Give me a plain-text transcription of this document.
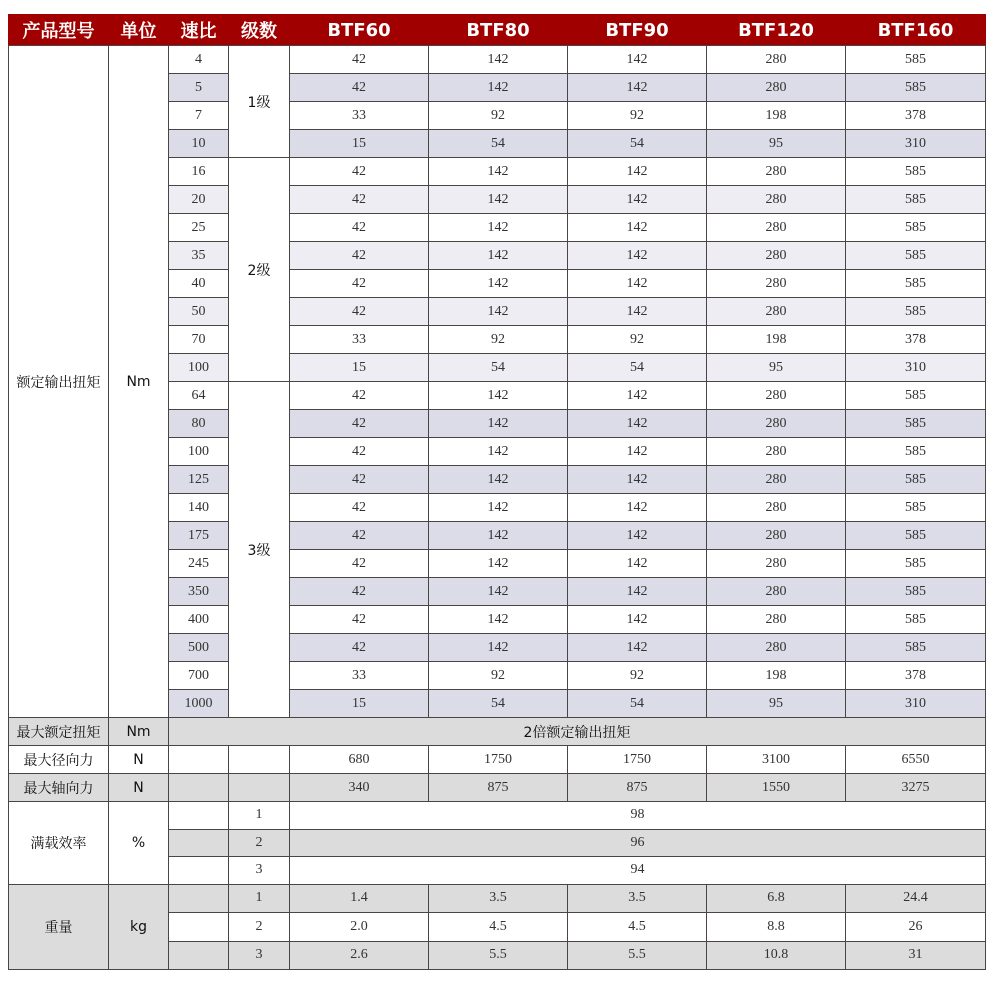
产品型号	单位	速比	级数	BTF60	BTF80	BTF90	BTF120	BTF160
额定输出扭矩	Nm	4	1级	42	142	142	280	585
		5		42	142	142	280	585
		7		33	92	92	198	378
		10		15	54	54	95	310
		16	2级	42	142	142	280	585
		20		42	142	142	280	585
		25		42	142	142	280	585
		35		42	142	142	280	585
		40		42	142	142	280	585
		50		42	142	142	280	585
		70		33	92	92	198	378
		100		15	54	54	95	310
		64	3级	42	142	142	280	585
		80		42	142	142	280	585
		100		42	142	142	280	585
		125		42	142	142	280	585
		140		42	142	142	280	585
		175		42	142	142	280	585
		245		42	142	142	280	585
		350		42	142	142	280	585
		400		42	142	142	280	585
		500		42	142	142	280	585
		700		33	92	92	198	378
		1000		15	54	54	95	310
最大额定扭矩	Nm	2倍额定输出扭矩						
最大径向力	N			680	1750	1750	3100	6550
最大轴向力	N			340	875	875	1550	3275
满载效率	%		1	98				
			2	96				
			3	94				
重量	kg		1	1.4	3.5	3.5	6.8	24.4
			2	2.0	4.5	4.5	8.8	26
			3	2.6	5.5	5.5	10.8	31
